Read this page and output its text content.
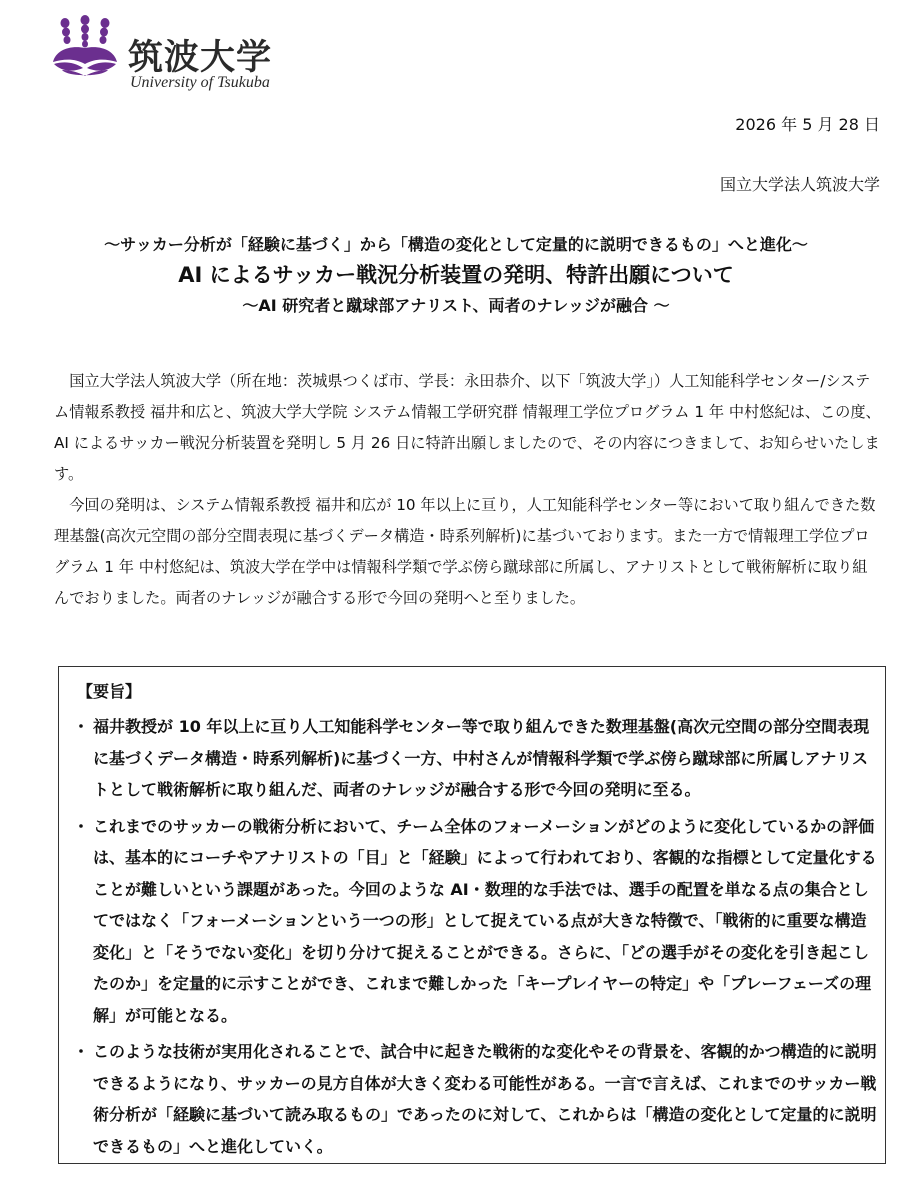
筑波大学
University of Tsukuba
2026 年 5 月 28 日
国立大学法人筑波大学
～サッカー分析が「経験に基づく」から「構造の変化として定量的に説明できるもの」へと進化～
AI によるサッカー戦況分析装置の発明、特許出願について
～AI 研究者と蹴球部アナリスト、両者のナレッジが融合 ～

国立大学法人筑波大学（所在地：茨城県つくば市、学長：永田恭介、以下「筑波大学」）人工知能科学センター/システム情報系教授 福井和広と、筑波大学大学院 システム情報工学研究群 情報理工学位プログラム 1 年 中村悠紀は、この度、AI によるサッカー戦況分析装置を発明し 5 月 26 日に特許出願しましたので、その内容につきまして、お知らせいたします。

今回の発明は、システム情報系教授 福井和広が 10 年以上に亘り，人工知能科学センター等において取り組んできた数理基盤(高次元空間の部分空間表現に基づくデータ構造・時系列解析)に基づいております。また一方で情報理工学位プログラム 1 年 中村悠紀は、筑波大学在学中は情報科学類で学ぶ傍ら蹴球部に所属し、アナリストとして戦術解析に取り組んでおりました。両者のナレッジが融合する形で今回の発明へと至りました。

【要旨】
・ 福井教授が 10 年以上に亘り人工知能科学センター等で取り組んできた数理基盤(高次元空間の部分空間表現に基づくデータ構造・時系列解析)に基づく一方、中村さんが情報科学類で学ぶ傍ら蹴球部に所属しアナリストとして戦術解析に取り組んだ、両者のナレッジが融合する形で今回の発明に至る。
・ これまでのサッカーの戦術分析において、チーム全体のフォーメーションがどのように変化しているかの評価は、基本的にコーチやアナリストの「目」と「経験」によって行われており、客観的な指標として定量化することが難しいという課題があった。今回のような AI・数理的な手法では、選手の配置を単なる点の集合としてではなく「フォーメーションという一つの形」として捉えている点が大きな特徴で、「戦術的に重要な構造変化」と「そうでない変化」を切り分けて捉えることができる。さらに、「どの選手がその変化を引き起こしたのか」を定量的に示すことができ、これまで難しかった「キープレイヤーの特定」や「プレーフェーズの理解」が可能となる。
・ このような技術が実用化されることで、試合中に起きた戦術的な変化やその背景を、客観的かつ構造的に説明できるようになり、サッカーの見方自体が大きく変わる可能性がある。一言で言えば、これまでのサッカー戦術分析が「経験に基づいて読み取るもの」であったのに対して、これからは「構造の変化として定量的に説明できるもの」へと進化していく。
